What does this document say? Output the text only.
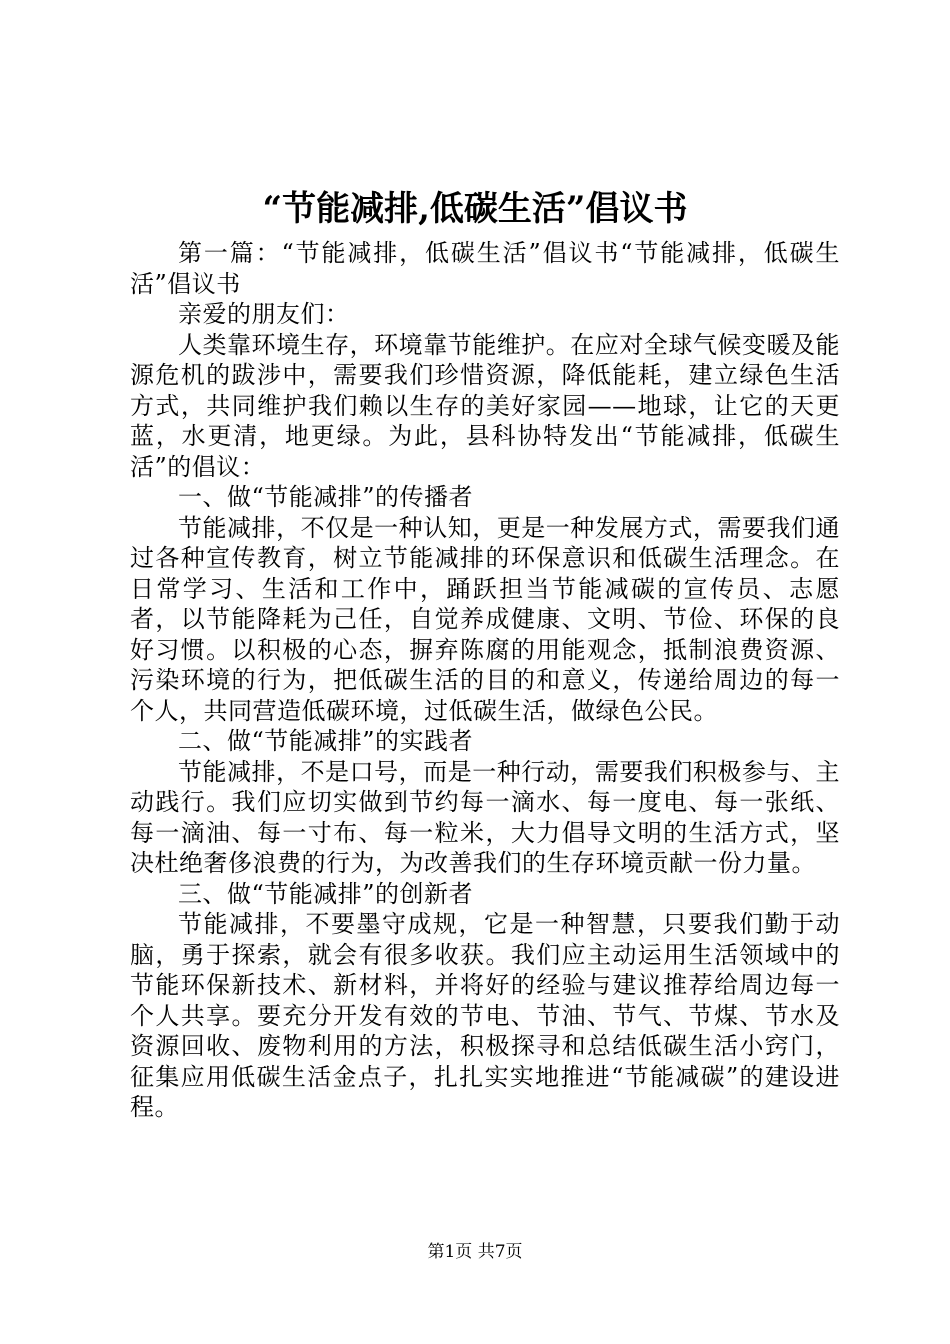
“节能减排,低碳生活”倡议书

第一篇：“节能减排，低碳生活”倡议书“节能减排，低碳生活”倡议书

亲爱的朋友们：

人类靠环境生存，环境靠节能维护。在应对全球气候变暖及能源危机的跋涉中，需要我们珍惜资源，降低能耗，建立绿色生活方式，共同维护我们赖以生存的美好家园——地球，让它的天更蓝，水更清，地更绿。为此，县科协特发出“节能减排，低碳生活”的倡议：

一、做“节能减排”的传播者

节能减排，不仅是一种认知，更是一种发展方式，需要我们通过各种宣传教育，树立节能减排的环保意识和低碳生活理念。在日常学习、生活和工作中，踊跃担当节能减碳的宣传员、志愿者，以节能降耗为己任，自觉养成健康、文明、节俭、环保的良好习惯。以积极的心态，摒弃陈腐的用能观念，抵制浪费资源、污染环境的行为，把低碳生活的目的和意义，传递给周边的每一个人，共同营造低碳环境，过低碳生活，做绿色公民。

二、做“节能减排”的实践者

节能减排，不是口号，而是一种行动，需要我们积极参与、主动践行。我们应切实做到节约每一滴水、每一度电、每一张纸、每一滴油、每一寸布、每一粒米，大力倡导文明的生活方式，坚决杜绝奢侈浪费的行为，为改善我们的生存环境贡献一份力量。

三、做“节能减排”的创新者

节能减排，不要墨守成规，它是一种智慧，只要我们勤于动脑，勇于探索，就会有很多收获。我们应主动运用生活领域中的节能环保新技术、新材料，并将好的经验与建议推荐给周边每一个人共享。要充分开发有效的节电、节油、节气、节煤、节水及资源回收、废物利用的方法，积极探寻和总结低碳生活小窍门，征集应用低碳生活金点子，扎扎实实地推进“节能减碳”的建设进程。

第1页 共7页
